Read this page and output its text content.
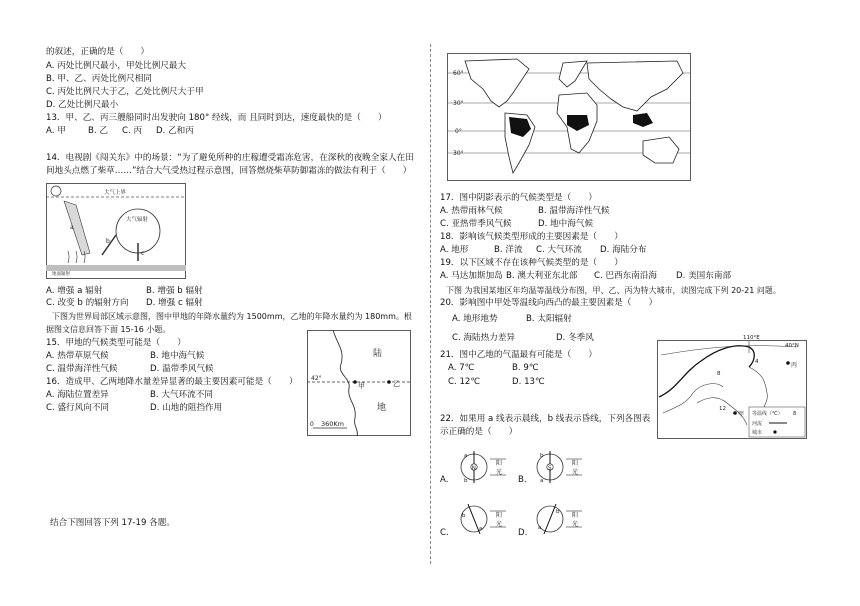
的叙述，正确的是（　　）
A. 丙处比例尺最小，甲处比例尺最大
B. 甲、乙、丙处比例尺相同
C. 丙处比例尺大于乙，乙处比例尺大于甲
D. 乙处比例尺最小
13．甲、乙、丙三艘船同时出发驶向 180° 经线，而 且同时到达，速度最快的是（　　）
A. 甲	B. 乙 C. 丙 D. 乙和丙
14．电视剧《闯关东》中的场景：“为了避免所种的庄稼遭受霜冻危害，在深秋的夜晚全家人在田
间地头点燃了柴草……”结合大气受热过程示意图，回答燃烧柴草防御霜冻的做法有利于（　　）
大气上界
a
大气辐射
b
c
地面辐射
A. 增强 a 辐射	B. 增强 b 辐射
C. 改变 b 的辐射方向 D. 增强 c 辐射
下图为世界局部区域示意图，图中甲地的年降水量约为 1500mm，乙地的年降水量约为 180mm。根
据图文信息回答下面 15-16 小题。
15．甲地的气候类型可能是（　　）
A. 热带草原气候	B. 地中海气候
C. 温带海洋性气候	D. 温带季风气候
16．造成甲、乙两地降水量差异显著的最主要因素可能是（　　）
A. 海陆位置差异	B. 大气环流不同
C. 盛行风向不同	D. 山地的阻挡作用
陆
地
42°
甲	乙
0 360Km
结合下图回答下列 17-19 各题。
60°
30°
0°
30°
17．图中阴影表示的气候类型是（　　）
A. 热带雨林气候	B. 温带海洋性气候
C. 亚热带季风气候	D. 地中海气候
18．影响该气候类型形成的主要因素是（　　）
A. 地形	B. 洋流 C. 大气环流 D. 海陆分布
19．以下区域不存在该种气候类型的是（　　）
A. 马达加斯加岛 B. 澳大利亚东北部 C. 巴西东南沿海 D. 美国东南部
下图 为我国某地区年均温等温线分布图，甲、乙、丙为特大城市，读图完成下列 20-21 问题。
20．影响图中甲处等温线向西凸的最主要因素是（　　）
A. 地形地势	B. 太阳辐射
C. 海陆热力差异	D. 冬季风
21．图中乙地的气温最有可能是（　　）
A. 7℃	B. 9℃
C. 12℃	D. 13℃
110°E
40°N
4
8
12
丙
甲 等温线（℃） 8
河流
城市
22．如果用 a 线表示晨线，b 线表示昏线，下列各图表
示正确的是（　　）
A.
N
a
b
阳
光
B.
S
b
a
阳
光
C.
b
a
阳
光
D.
b
a
阳
光
